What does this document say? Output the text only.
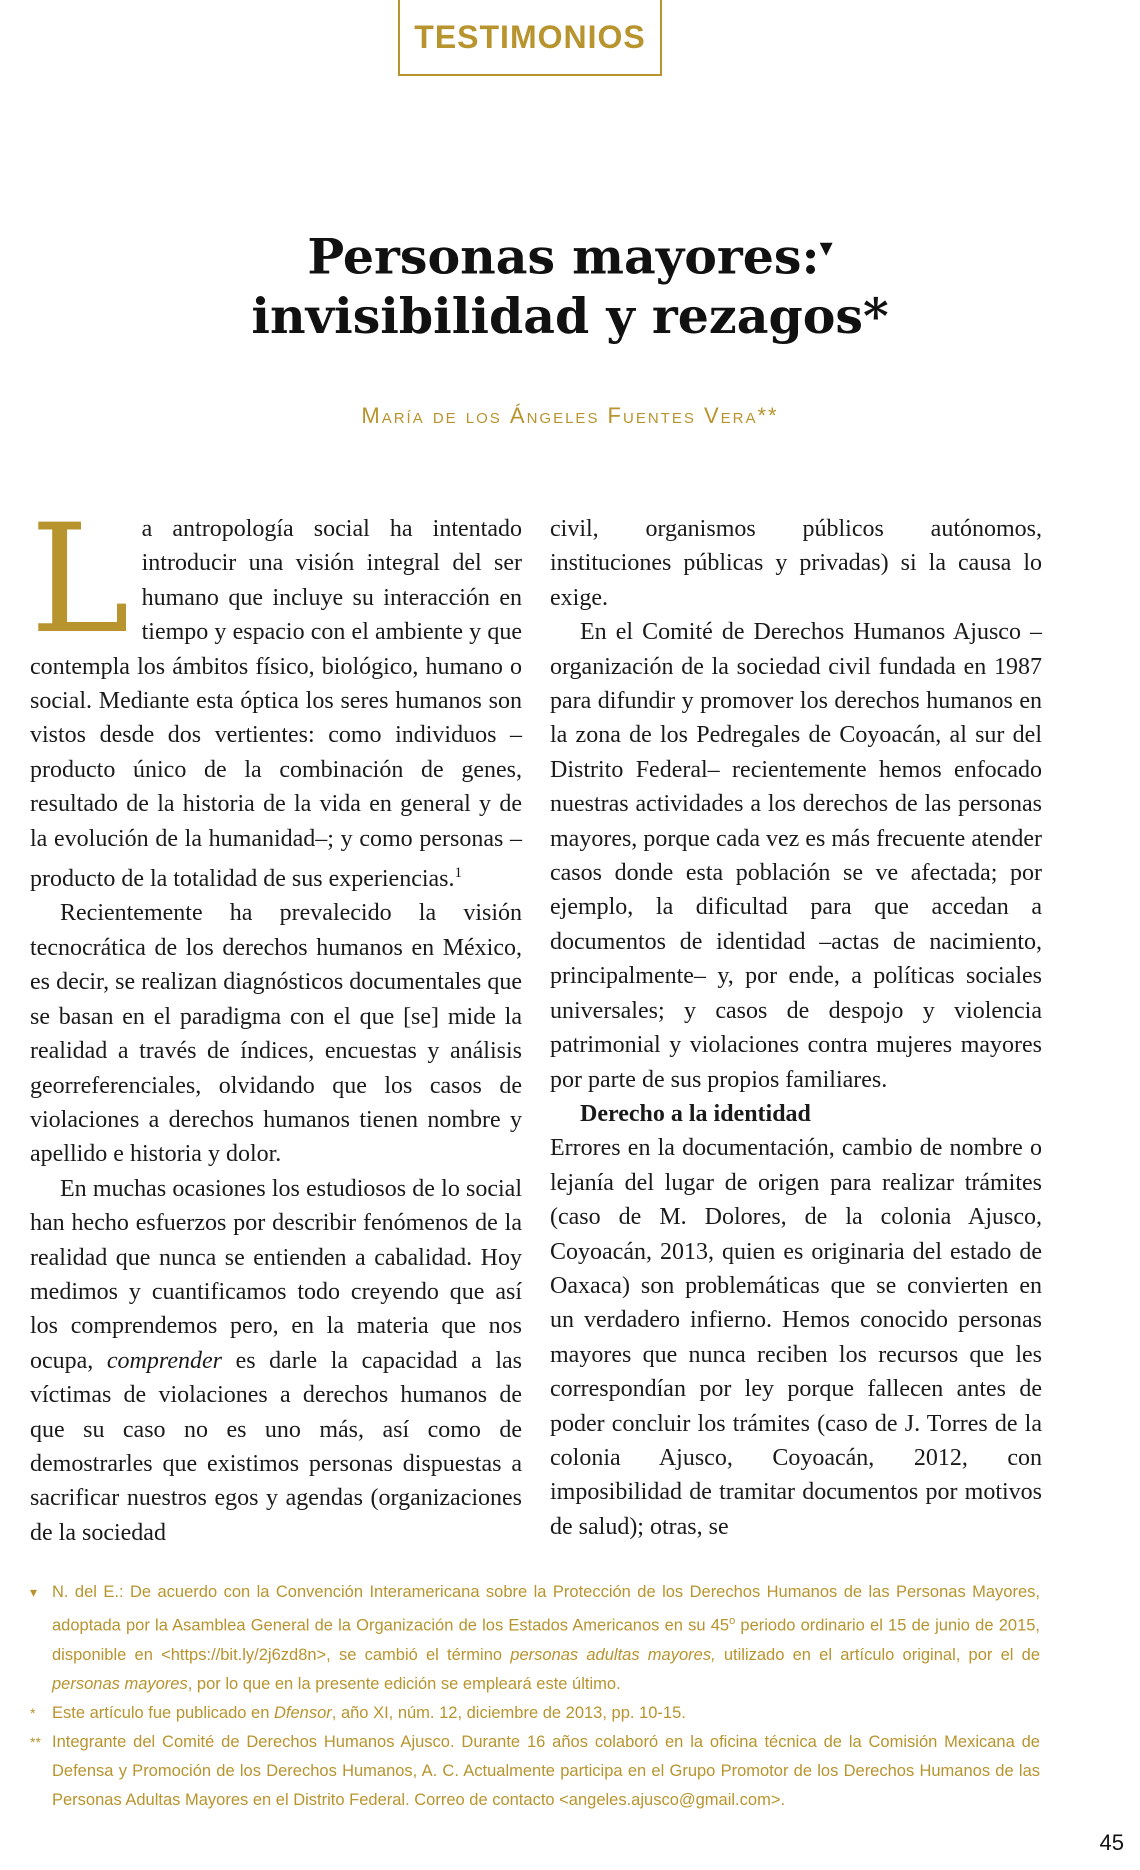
TESTIMONIOS
Personas mayores:▾
invisibilidad y rezagos*
María de los Ángeles Fuentes Vera**

La antropología social ha intentado introducir una visión integral del ser humano que incluye su interacción en tiempo y espacio con el ambiente y que contempla los ámbitos físico, biológico, humano o social. Mediante esta óptica los seres humanos son vistos desde dos vertientes: como individuos –producto único de la combinación de genes, resultado de la historia de la vida en general y de la evolución de la humanidad–; y como personas –producto de la totalidad de sus experiencias.$^1$

Recientemente ha prevalecido la visión tecnocrática de los derechos humanos en México, es decir, se realizan diagnósticos documentales que se basan en el paradigma con el que [se] mide la realidad a través de índices, encuestas y análisis georreferenciales, olvidando que los casos de violaciones a derechos humanos tienen nombre y apellido e historia y dolor.

En muchas ocasiones los estudiosos de lo social han hecho esfuerzos por describir fenómenos de la realidad que nunca se entienden a cabalidad. Hoy medimos y cuantificamos todo creyendo que así los comprendemos pero, en la materia que nos ocupa, comprender es darle la capacidad a las víctimas de violaciones a derechos humanos de que su caso no es uno más, así como de demostrarles que existimos personas dispuestas a sacrificar nuestros egos y agendas (organizaciones de la sociedad

civil, organismos públicos autónomos, instituciones públicas y privadas) si la causa lo exige.

En el Comité de Derechos Humanos Ajusco –organización de la sociedad civil fundada en 1987 para difundir y promover los derechos humanos en la zona de los Pedregales de Coyoacán, al sur del Distrito Federal– recientemente hemos enfocado nuestras actividades a los derechos de las personas mayores, porque cada vez es más frecuente atender casos donde esta población se ve afectada; por ejemplo, la dificultad para que accedan a documentos de identidad –actas de nacimiento, principalmente– y, por ende, a políticas sociales universales; y casos de despojo y violencia patrimonial y violaciones contra mujeres mayores por parte de sus propios familiares.

Derecho a la identidad

Errores en la documentación, cambio de nombre o lejanía del lugar de origen para realizar trámites (caso de M. Dolores, de la colonia Ajusco, Coyoacán, 2013, quien es originaria del estado de Oaxaca) son problemáticas que se convierten en un verdadero infierno. Hemos conocido personas mayores que nunca reciben los recursos que les correspondían por ley porque fallecen antes de poder concluir los trámites (caso de J. Torres de la colonia Ajusco, Coyoacán, 2012, con imposibilidad de tramitar documentos por motivos de salud); otras, se

▾ N. del E.: De acuerdo con la Convención Interamericana sobre la Protección de los Derechos Humanos de las Personas Mayores, adoptada por la Asamblea General de la Organización de los Estados Americanos en su 45$^o$ periodo ordinario el 15 de junio de 2015, disponible en <https://bit.ly/2j6zd8n>, se cambió el término personas adultas mayores, utilizado en el artículo original, por el de personas mayores, por lo que en la presente edición se empleará este último.

* Este artículo fue publicado en Dfensor, año XI, núm. 12, diciembre de 2013, pp. 10-15.

** Integrante del Comité de Derechos Humanos Ajusco. Durante 16 años colaboró en la oficina técnica de la Comisión Mexicana de Defensa y Promoción de los Derechos Humanos, A. C. Actualmente participa en el Grupo Promotor de los Derechos Humanos de las Personas Adultas Mayores en el Distrito Federal. Correo de contacto <angeles.ajusco@gmail.com>.

45
